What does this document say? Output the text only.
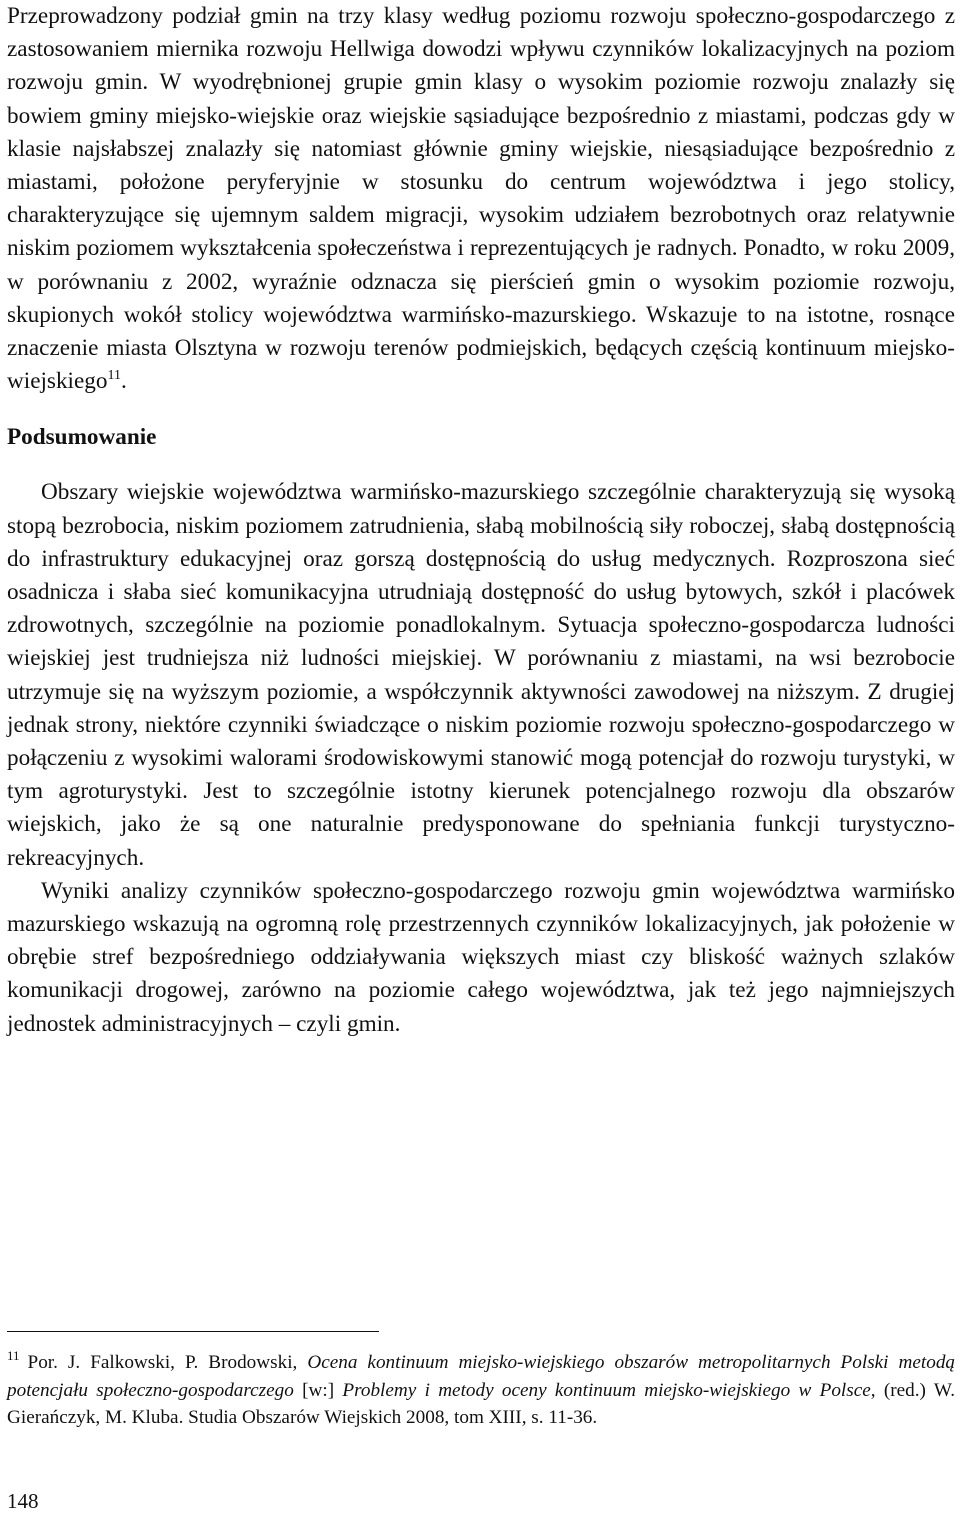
Przeprowadzony podział gmin na trzy klasy według poziomu rozwoju społeczno-gospodarczego z zastosowaniem miernika rozwoju Hellwiga dowodzi wpływu czynników lokalizacyjnych na poziom rozwoju gmin. W wyodrębnionej grupie gmin klasy o wysokim poziomie rozwoju znalazły się bowiem gminy miejsko-wiejskie oraz wiejskie sąsiadujące bezpośrednio z miastami, podczas gdy w klasie najsłabszej znalazły się natomiast głównie gminy wiejskie, niesąsiadujące bezpośrednio z miastami, położone peryferyjnie w stosunku do centrum województwa i jego stolicy, charakteryzujące się ujemnym saldem migracji, wysokim udziałem bezrobotnych oraz relatywnie niskim poziomem wykształcenia społeczeństwa i reprezentujących je radnych. Ponadto, w roku 2009, w porównaniu z 2002, wyraźnie odznacza się pierścień gmin o wysokim poziomie rozwoju, skupionych wokół stolicy województwa warmińsko-mazurskiego. Wskazuje to na istotne, rosnące znaczenie miasta Olsztyna w rozwoju terenów podmiejskich, będących częścią kontinuum miejsko-wiejskiego$^{11}$.

Podsumowanie

Obszary wiejskie województwa warmińsko-mazurskiego szczególnie charakteryzują się wysoką stopą bezrobocia, niskim poziomem zatrudnienia, słabą mobilnością siły roboczej, słabą dostępnością do infrastruktury edukacyjnej oraz gorszą dostępnością do usług medycznych. Rozproszona sieć osadnicza i słaba sieć komunikacyjna utrudniają dostępność do usług bytowych, szkół i placówek zdrowotnych, szczególnie na poziomie ponadlokalnym. Sytuacja społeczno-gospodarcza ludności wiejskiej jest trudniejsza niż ludności miejskiej. W porównaniu z miastami, na wsi bezrobocie utrzymuje się na wyższym poziomie, a współczynnik aktywności zawodowej na niższym. Z drugiej jednak strony, niektóre czynniki świadczące o niskim poziomie rozwoju społeczno-gospodarczego w połączeniu z wysokimi walorami środowiskowymi stanowić mogą potencjał do rozwoju turystyki, w tym agroturystyki. Jest to szczególnie istotny kierunek potencjalnego rozwoju dla obszarów wiejskich, jako że są one naturalnie predysponowane do spełniania funkcji turystyczno-rekreacyjnych.

Wyniki analizy czynników społeczno-gospodarczego rozwoju gmin województwa warmińsko mazurskiego wskazują na ogromną rolę przestrzennych czynników lokalizacyjnych, jak położenie w obrębie stref bezpośredniego oddziaływania większych miast czy bliskość ważnych szlaków komunikacji drogowej, zarówno na poziomie całego województwa, jak też jego najmniejszych jednostek administracyjnych – czyli gmin.

$^{11}$ Por. J. Falkowski, P. Brodowski, Ocena kontinuum miejsko-wiejskiego obszarów metropolitarnych Polski metodą potencjału społeczno-gospodarczego [w:] Problemy i metody oceny kontinuum miejsko-wiejskiego w Polsce, (red.) W. Gierańczyk, M. Kluba. Studia Obszarów Wiejskich 2008, tom XIII, s. 11-36.

148
